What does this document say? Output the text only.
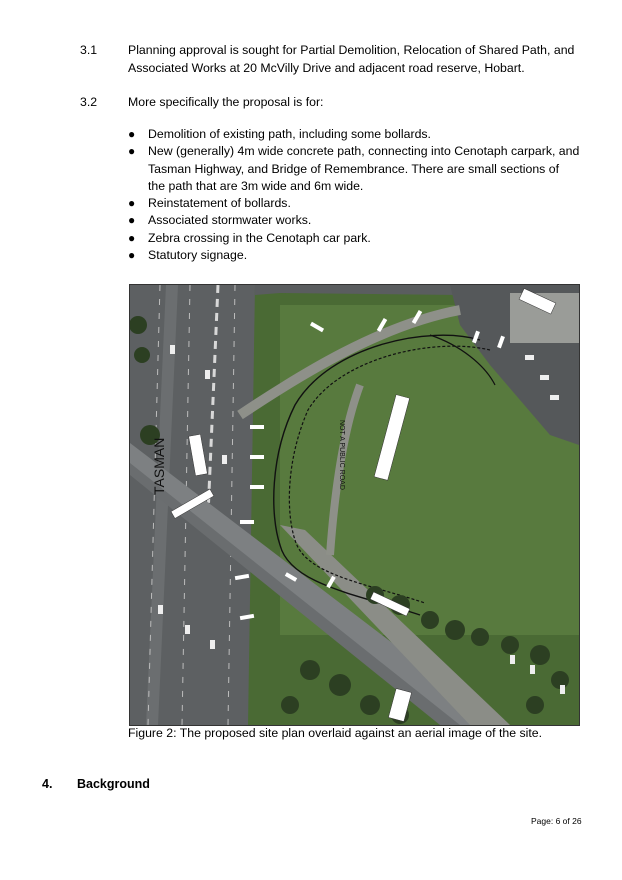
3.1	Planning approval is sought for Partial Demolition, Relocation of Shared Path, and
Associated Works at 20 McVilly Drive and adjacent road reserve, Hobart.
3.2	More specifically the proposal is for:
● Demolition of existing path, including some bollards.
● New (generally) 4m wide concrete path, connecting into Cenotaph carpark, and
Tasman Highway, and Bridge of Remembrance. There are small sections of
the path that are 3m wide and 6m wide.
● Reinstatement of bollards.
● Associated stormwater works.
● Zebra crossing in the Cenotaph car park.
● Statutory signage.
TASMAN	NOT A PUBLIC ROAD
Figure 2: The proposed site plan overlaid against an aerial image of the site.
4. Background
Page: 6 of 26
